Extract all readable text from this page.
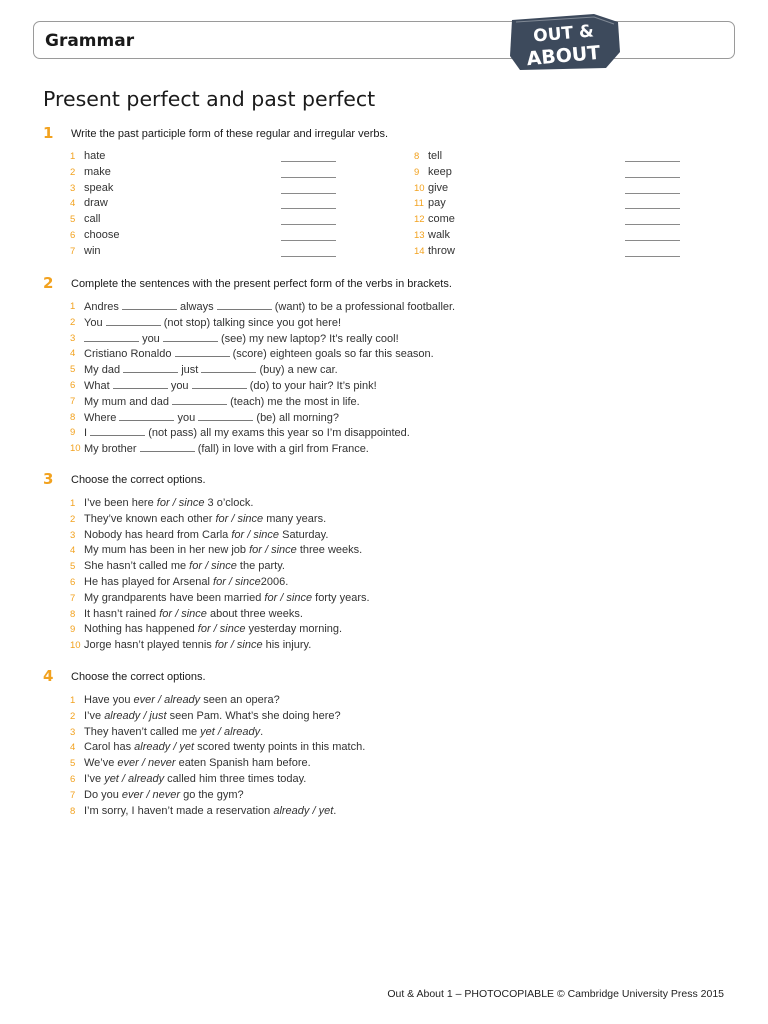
Grammar	OUT &
ABOUT
Present perfect and past perfect
1 Write the past participle form of these regular and irregular verbs.
1 hate
2 make
3 speak
4 draw
5 call
6 choose
7 win
8 tell
9 keep
10 give
11 pay
12 come
13 walk
14 throw
2 Complete the sentences with the present perfect form of the verbs in brackets.
1 Andres	always	(want) to be a professional footballer.
2 You	(not stop) talking since you got here!
3	you	(see) my new laptop? It’s really cool!
4 Cristiano Ronaldo	(score) eighteen goals so far this season.
5 My dad	just	(buy) a new car.
6 What	you	(do) to your hair? It’s pink!
7 My mum and dad	(teach) me the most in life.
8 Where	you	(be) all morning?
9 I	(not pass) all my exams this year so I’m disappointed.
10 My brother	(fall) in love with a girl from France.
3 Choose the correct options.
1 I’ve been here for / since 3 o’clock.
2 They’ve known each other for / since many years.
3 Nobody has heard from Carla for / since Saturday.
4 My mum has been in her new job for / since three weeks.
5 She hasn’t called me for / since the party.
6 He has played for Arsenal for / since2006.
7 My grandparents have been married for / since forty years.
8 It hasn’t rained for / since about three weeks.
9 Nothing has happened for / since yesterday morning.
10 Jorge hasn’t played tennis for / since his injury.
4 Choose the correct options.
1 Have you ever / already seen an opera?
2 I’ve already / just seen Pam. What’s she doing here?
3 They haven’t called me yet / already.
4 Carol has already / yet scored twenty points in this match.
5 We’ve ever / never eaten Spanish ham before.
6 I’ve yet / already called him three times today.
7 Do you ever / never go the gym?
8 I’m sorry, I haven’t made a reservation already / yet.
Out & About 1 – PHOTOCOPIABLE © Cambridge University Press 2015
